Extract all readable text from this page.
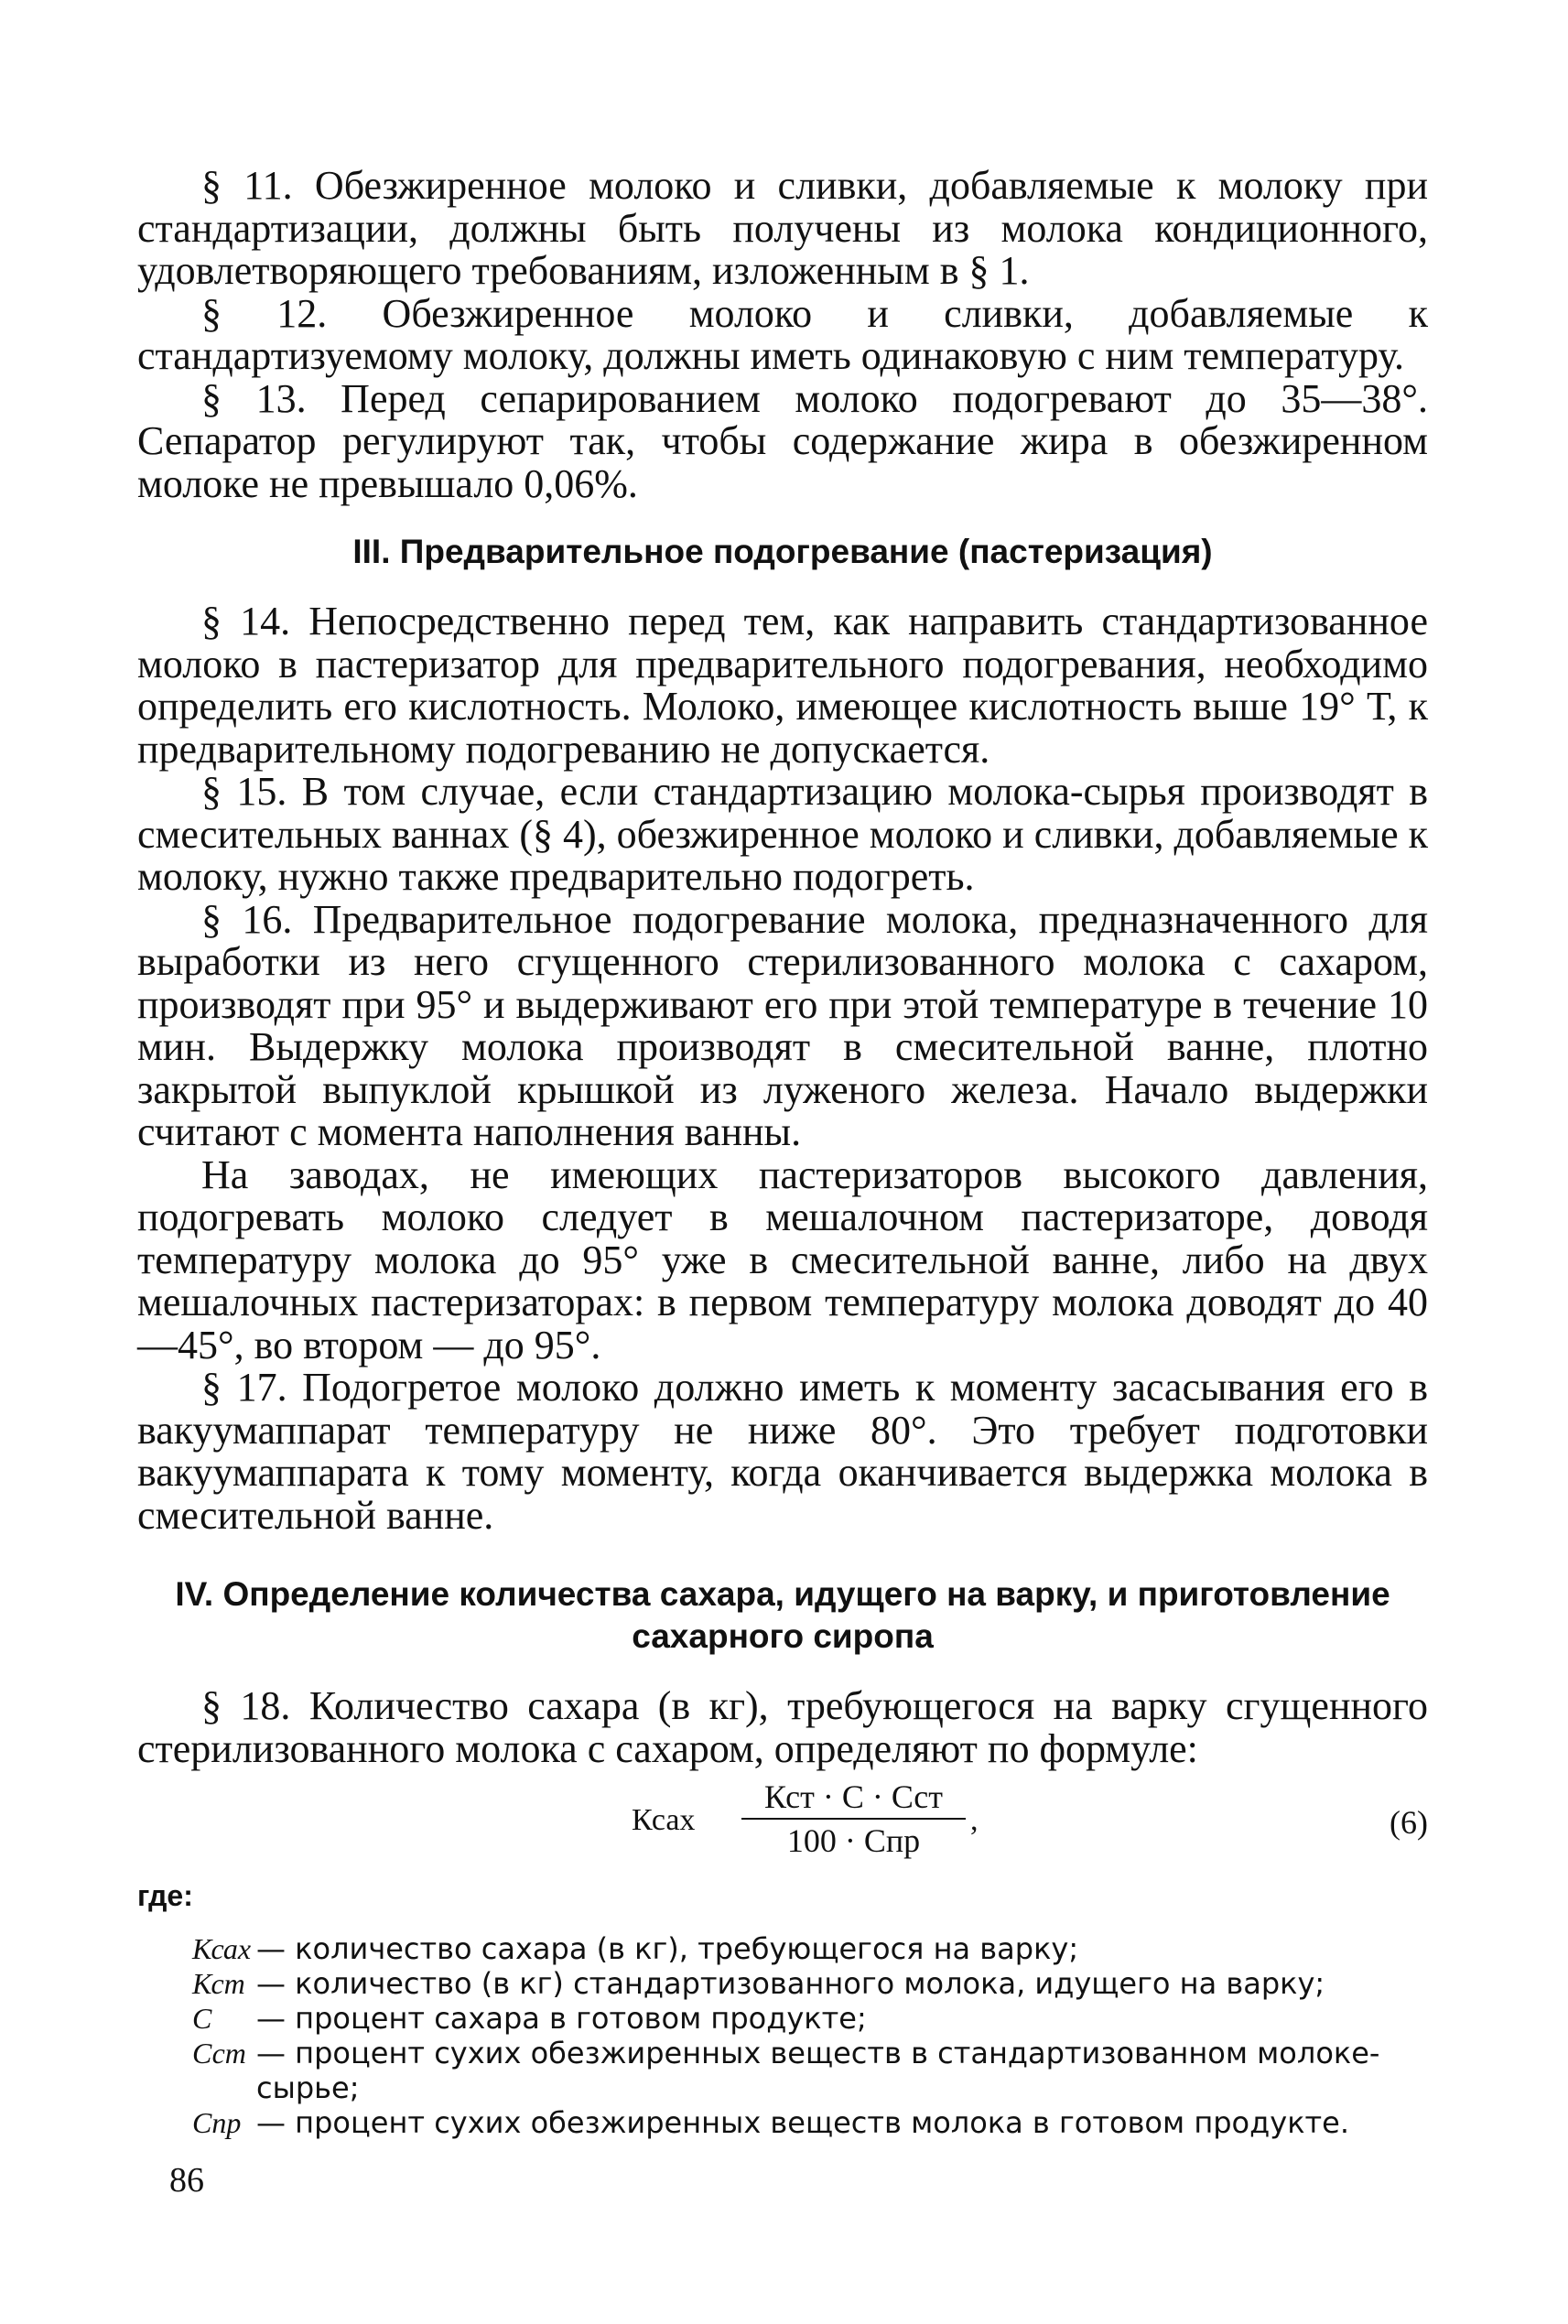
§ 11. Обезжиренное молоко и сливки, добавляемые к молоку при стандартизации, должны быть получены из молока кондиционного, удовлетворяющего требованиям, изложенным в § 1.

§ 12. Обезжиренное молоко и сливки, добавляемые к стандартизуемому молоку, должны иметь одинаковую с ним температуру.

§ 13. Перед сепарированием молоко подогревают до 35—38°. Сепаратор регулируют так, чтобы содержание жира в обезжиренном молоке не превышало 0,06%.

III. Предварительное подогревание (пастеризация)

§ 14. Непосредственно перед тем, как направить стандартизованное молоко в пастеризатор для предварительного подогревания, необходимо определить его кислотность. Молоко, имеющее кислотность выше 19° Т, к предварительному подогреванию не допускается.

§ 15. В том случае, если стандартизацию молока-сырья производят в смесительных ваннах (§ 4), обезжиренное молоко и сливки, добавляемые к молоку, нужно также предварительно подогреть.

§ 16. Предварительное подогревание молока, предназначенного для выработки из него сгущенного стерилизованного молока с сахаром, производят при 95° и выдерживают его при этой температуре в течение 10 мин. Выдержку молока производят в смесительной ванне, плотно закрытой выпуклой крышкой из луженого железа. Начало выдержки считают с момента наполнения ванны.

На заводах, не имеющих пастеризаторов высокого давления, подогревать молоко следует в мешалочном пастеризаторе, доводя температуру молока до 95° уже в смесительной ванне, либо на двух мешалочных пастеризаторах: в первом температуру молока доводят до 40—45°, во втором — до 95°.

§ 17. Подогретое молоко должно иметь к моменту засасывания его в вакуумаппарат температуру не ниже 80°. Это требует подготовки вакуумаппарата к тому моменту, когда оканчивается выдержка молока в смесительной ванне.

IV. Определение количества сахара, идущего на варку, и приготовление сахарного сиропа

§ 18. Количество сахара (в кг), требующегося на варку сгущенного стерилизованного молока с сахаром, определяют по формуле:

Ксах
Кст · С · Сст
100 · Спр
,	(6)
где:
Ксах — количество сахара (в кг), требующегося на варку;
Кст — количество (в кг) стандартизованного молока, идущего на варку;
С	— процент сахара в готовом продукте;
Сст — процент сухих обезжиренных веществ в стандартизованном молоке-сырье;
Спр — процент сухих обезжиренных веществ молока в готовом продукте.
86
